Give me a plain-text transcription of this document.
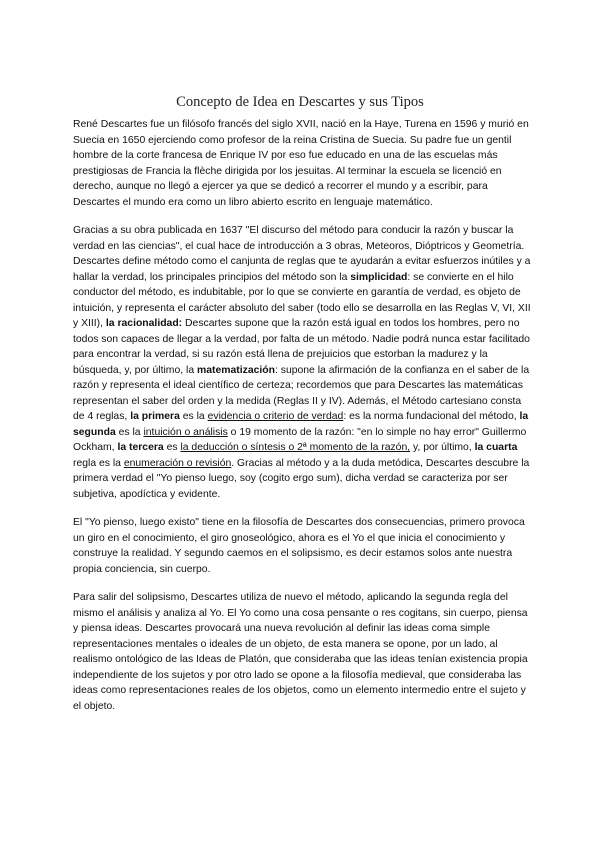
Concepto de Idea en Descartes y sus Tipos

René Descartes fue un filósofo francés del siglo XVII, nació en la Haye, Turena en 1596 y murió en Suecia en 1650 ejerciendo como profesor de la reina Cristina de Suecia. Su padre fue un gentil hombre de la corte francesa de Enrique IV por eso fue educado en una de las escuelas más prestigiosas de Francia la flèche dirigida por los jesuitas. Al terminar la escuela se licenció en derecho, aunque no llegó a ejercer ya que se dedicó a recorrer el mundo y a escribir, para Descartes el mundo era como un libro abierto escrito en lenguaje matemático.

Gracias a su obra publicada en 1637 "El discurso del método para conducir la razón y buscar la verdad en las ciencias", el cual hace de introducción a 3 obras, Meteoros, Dióptricos y Geometría. Descartes define método como el canjunta de reglas que te ayudarán a evitar esfuerzos inútiles y a hallar la verdad, los principales principios del método son la simplicidad: se convierte en el hilo conductor del método, es indubitable, por lo que se convierte en garantía de verdad, es objeto de intuición, y representa el carácter absoluto del saber (todo ello se desarrolla en las Reglas V, VI, XII y XIII), la racionalidad: Descartes supone que la razón está igual en todos los hombres, pero no todos son capaces de llegar a la verdad, por falta de un método. Nadie podrá nunca estar facilitado para encontrar la verdad, si su razón está llena de prejuicios que estorban la madurez y la búsqueda, y, por último, la matematización: supone la afirmación de la confianza en el saber de la razón y representa el ideal científico de certeza; recordemos que para Descartes las matemáticas representan el saber del orden y la medida (Reglas II y IV). Además, el Método cartesiano consta de 4 reglas, la primera es la evidencia o criterio de verdad: es la norma fundacional del método, la segunda es la intuición o análisis o 19 momento de la razón: "en lo simple no hay error" Guillermo Ockham, la tercera es la deducción o síntesis o 2ª momento de la razón, y, por último, la cuarta regla es la enumeración o revisión. Gracias al método y a la duda metódica, Descartes descubre la primera verdad el "Yo pienso luego, soy (cogito ergo sum), dicha verdad se caracteriza por ser subjetiva, apodíctica y evidente.

El "Yo pienso, luego existo" tiene en la filosofía de Descartes dos consecuencias, primero provoca un giro en el conocimiento, el giro gnoseológico, ahora es el Yo el que inicia el conocimiento y construye la realidad. Y segundo caemos en el solipsismo, es decir estamos solos ante nuestra propia conciencia, sin cuerpo.

Para salir del solipsismo, Descartes utiliza de nuevo el método, aplicando la segunda regla del mismo el análisis y analiza al Yo. El Yo como una cosa pensante o res cogitans, sin cuerpo, piensa y piensa ideas. Descartes provocará una nueva revolución al definir las ideas coma simple representaciones mentales o ideales de un objeto, de esta manera se opone, por un lado, al realismo ontológico de las Ideas de Platón, que consideraba que las ideas tenían existencia propia independiente de los sujetos y por otro lado se opone a la filosofía medieval, que consideraba las ideas como representaciones reales de los objetos, como un elemento intermedio entre el sujeto y el objeto.
